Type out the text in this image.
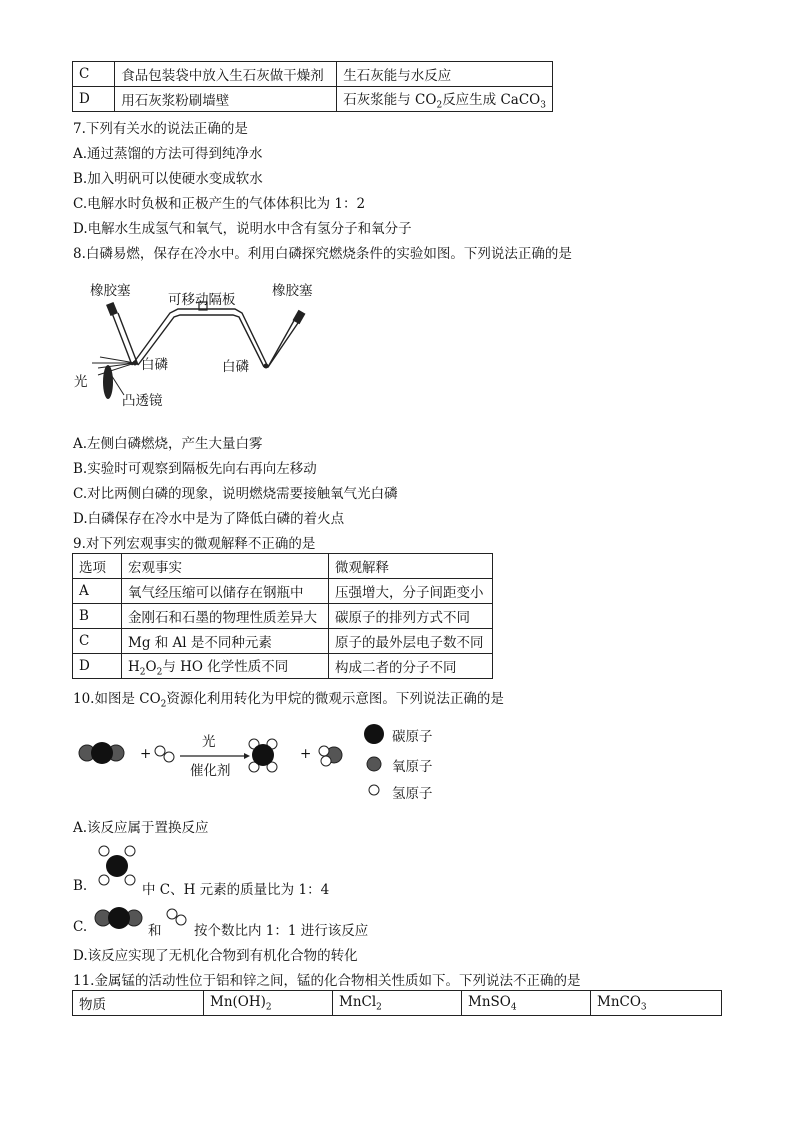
C	食品包装袋中放入生石灰做干燥剂	生石灰能与水反应
D	用石灰浆粉刷墙壁	石灰浆能与 $CO_2$反应生成 CaCO$_3$
7.下列有关水的说法正确的是
A.通过蒸馏的方法可得到纯净水
B.加入明矾可以使硬水变成软水
C.电解水时负极和正极产生的气体体积比为 1：2
D.电解水生成氢气和氧气，说明水中含有氢分子和氧分子
8.白磷易燃，保存在冷水中。利用白磷探究燃烧条件的实验如图。下列说法正确的是
橡胶塞
可移动隔板
橡胶塞
白磷	白磷
光
凸透镜
A.左侧白磷燃烧，产生大量白雾
B.实验时可观察到隔板先向右再向左移动
C.对比两侧白磷的现象，说明燃烧需要接触氧气光白磷
D.白磷保存在冷水中是为了降低白磷的着火点
9.对下列宏观事实的微观解释不正确的是
选项	宏观事实	微观解释
A	氧气经压缩可以储存在钢瓶中	压强增大，分子间距变小
B	金刚石和石墨的物理性质差异大	碳原子的排列方式不同
C	Mg 和 Al 是不同种元素	原子的最外层电子数不同
D	$H_2O_2$与 HO 化学性质不同	构成二者的分子不同
10.如图是 $CO_2$资源化利用转化为甲烷的微观示意图。下列说法正确的是
+	+
光
催化剂
碳原子
氧原子
氢原子
A.该反应属于置换反应
B.	中 C、H 元素的质量比为 1：4
C.	和 按个数比内 1：1 进行该反应
D.该反应实现了无机化合物到有机化合物的转化
11.金属锰的活动性位于铝和锌之间，锰的化合物相关性质如下。下列说法不正确的是
物质	$Mn(OH)_2$	MnCl$_2$	MnSO$_4$	MnCO$_3$
